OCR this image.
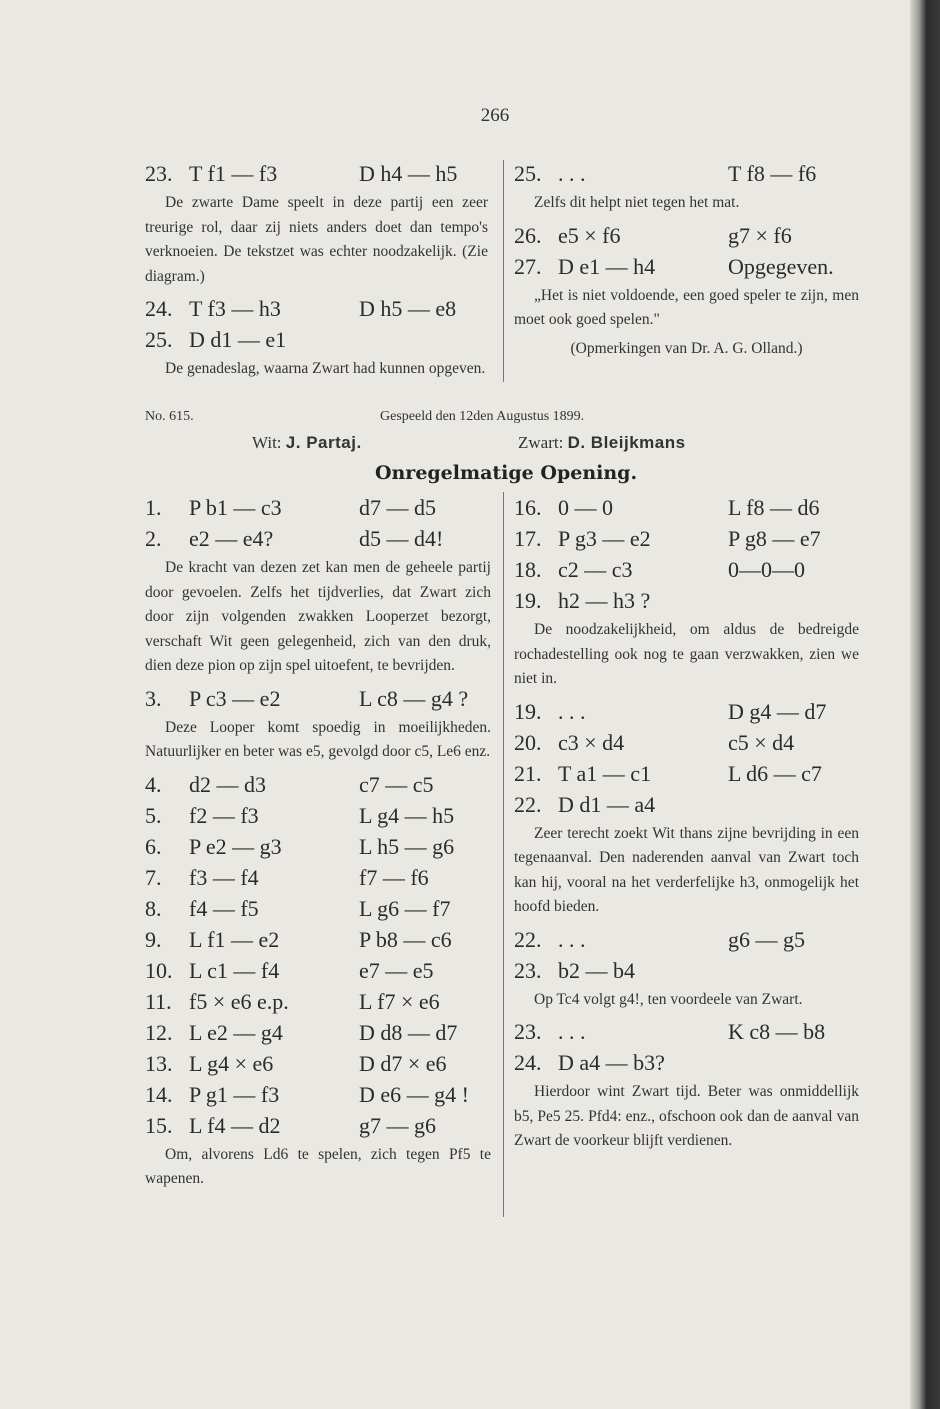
266
23. T f1 — f3	D h4 — h5

De zwarte Dame speelt in deze partij een zeer treurige rol, daar zij niets anders doet dan tempo's verknoeien. De tekstzet was echter noodzakelijk. (Zie diagram.)

24. T f3 — h3	D h5 — e8
25. D d1 — e1

De genadeslag, waarna Zwart had kunnen opgeven.

25. . . .	T f8 — f6

Zelfs dit helpt niet tegen het mat.

26. e5 × f6	g7 × f6
27. D e1 — h4	Opgegeven.

„Het is niet voldoende, een goed speler te zijn, men moet ook goed spelen."

(Opmerkingen van Dr. A. G. Olland.)

No. 615.	Gespeeld den 12den Augustus 1899.
Wit: J. Partaj.	Zwart: D. Bleijkmans
Onregelmatige Opening.
1.	P b1 — c3	d7 — d5
2.	e2 — e4?	d5 — d4!

De kracht van dezen zet kan men de geheele partij door gevoelen. Zelfs het tijdverlies, dat Zwart zich door zijn volgenden zwakken Looperzet bezorgt, verschaft Wit geen gelegenheid, zich van den druk, dien deze pion op zijn spel uitoefent, te bevrijden.

3.	P c3 — e2	L c8 — g4 ?

Deze Looper komt spoedig in moeilijkheden. Natuurlijker en beter was e5, gevolgd door c5, Le6 enz.

4.	d2 — d3	c7 — c5
5.	f2 — f3	L g4 — h5
6.	P e2 — g3	L h5 — g6
7.	f3 — f4	f7 — f6
8.	f4 — f5	L g6 — f7
9.	L f1 — e2	P b8 — c6
10. L c1 — f4	e7 — e5
11. f5 × e6 e.p.	L f7 × e6
12. L e2 — g4	D d8 — d7
13. L g4 × e6	D d7 × e6
14. P g1 — f3	D e6 — g4 !
15. L f4 — d2	g7 — g6

Om, alvorens Ld6 te spelen, zich tegen Pf5 te wapenen.

16. 0 — 0	L f8 — d6
17. P g3 — e2	P g8 — e7
18. c2 — c3	0—0—0
19. h2 — h3 ?

De noodzakelijkheid, om aldus de bedreigde rochadestelling ook nog te gaan verzwakken, zien we niet in.

19. . . .	D g4 — d7
20. c3 × d4	c5 × d4
21. T a1 — c1	L d6 — c7
22. D d1 — a4

Zeer terecht zoekt Wit thans zijne bevrijding in een tegenaanval. Den naderenden aanval van Zwart toch kan hij, vooral na het verderfelijke h3, onmogelijk het hoofd bieden.

22. . . .	g6 — g5
23. b2 — b4

Op Tc4 volgt g4!, ten voordeele van Zwart.

23. . . .	K c8 — b8
24. D a4 — b3?

Hierdoor wint Zwart tijd. Beter was onmiddellijk b5, Pe5 25. Pfd4: enz., ofschoon ook dan de aanval van Zwart de voorkeur blijft verdienen.
